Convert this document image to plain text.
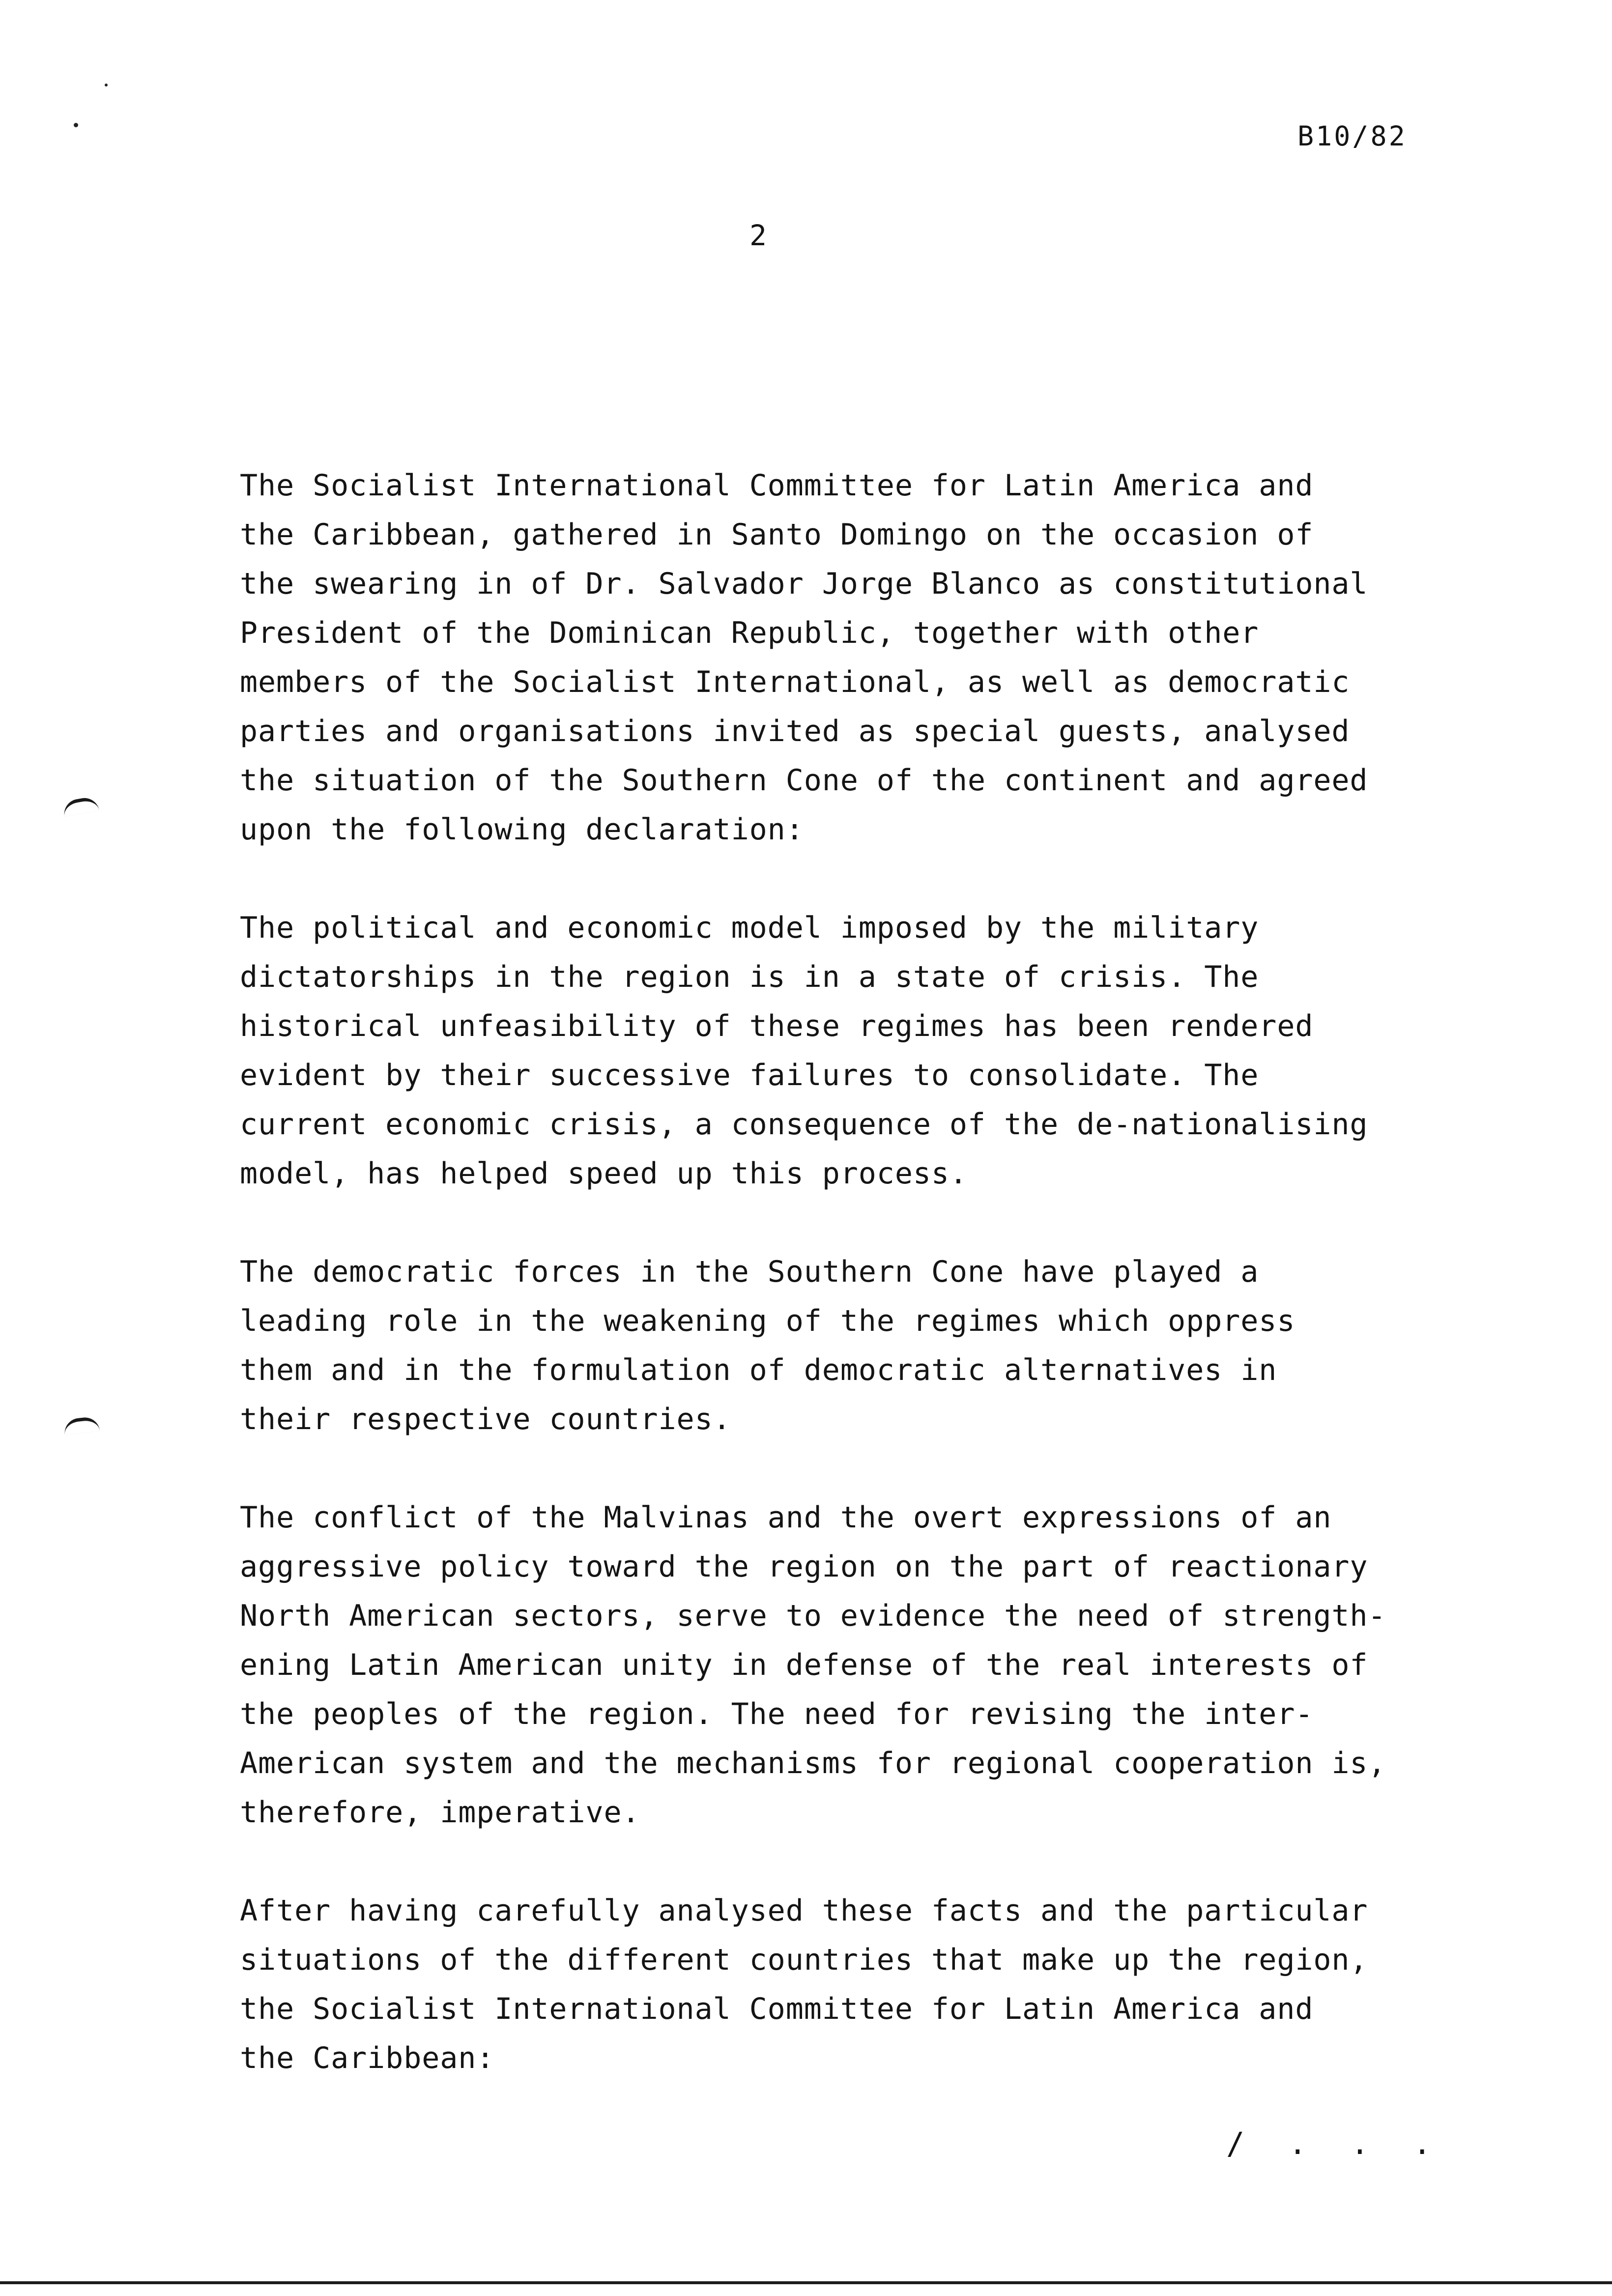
B10/82
2

The Socialist International Committee for Latin America and
the Caribbean, gathered in Santo Domingo on the occasion of
the swearing in of Dr. Salvador Jorge Blanco as constitutional
President of the Dominican Republic, together with other
members of the Socialist International, as well as democratic
parties and organisations invited as special guests, analysed
the situation of the Southern Cone of the continent and agreed
upon the following declaration:

The political and economic model imposed by the military
dictatorships in the region is in a state of crisis. The
historical unfeasibility of these regimes has been rendered
evident by their successive failures to consolidate. The
current economic crisis, a consequence of the de-nationalising
model, has helped speed up this process.

The democratic forces in the Southern Cone have played a
leading role in the weakening of the regimes which oppress
them and in the formulation of democratic alternatives in
their respective countries.

The conflict of the Malvinas and the overt expressions of an
aggressive policy toward the region on the part of reactionary
North American sectors, serve to evidence the need of strength-
ening Latin American unity in defense of the real interests of
the peoples of the region. The need for revising the inter-
American system and the mechanisms for regional cooperation is,
therefore, imperative.

After having carefully analysed these facts and the particular
situations of the different countries that make up the region,
the Socialist International Committee for Latin America and
the Caribbean:

/ . . .
